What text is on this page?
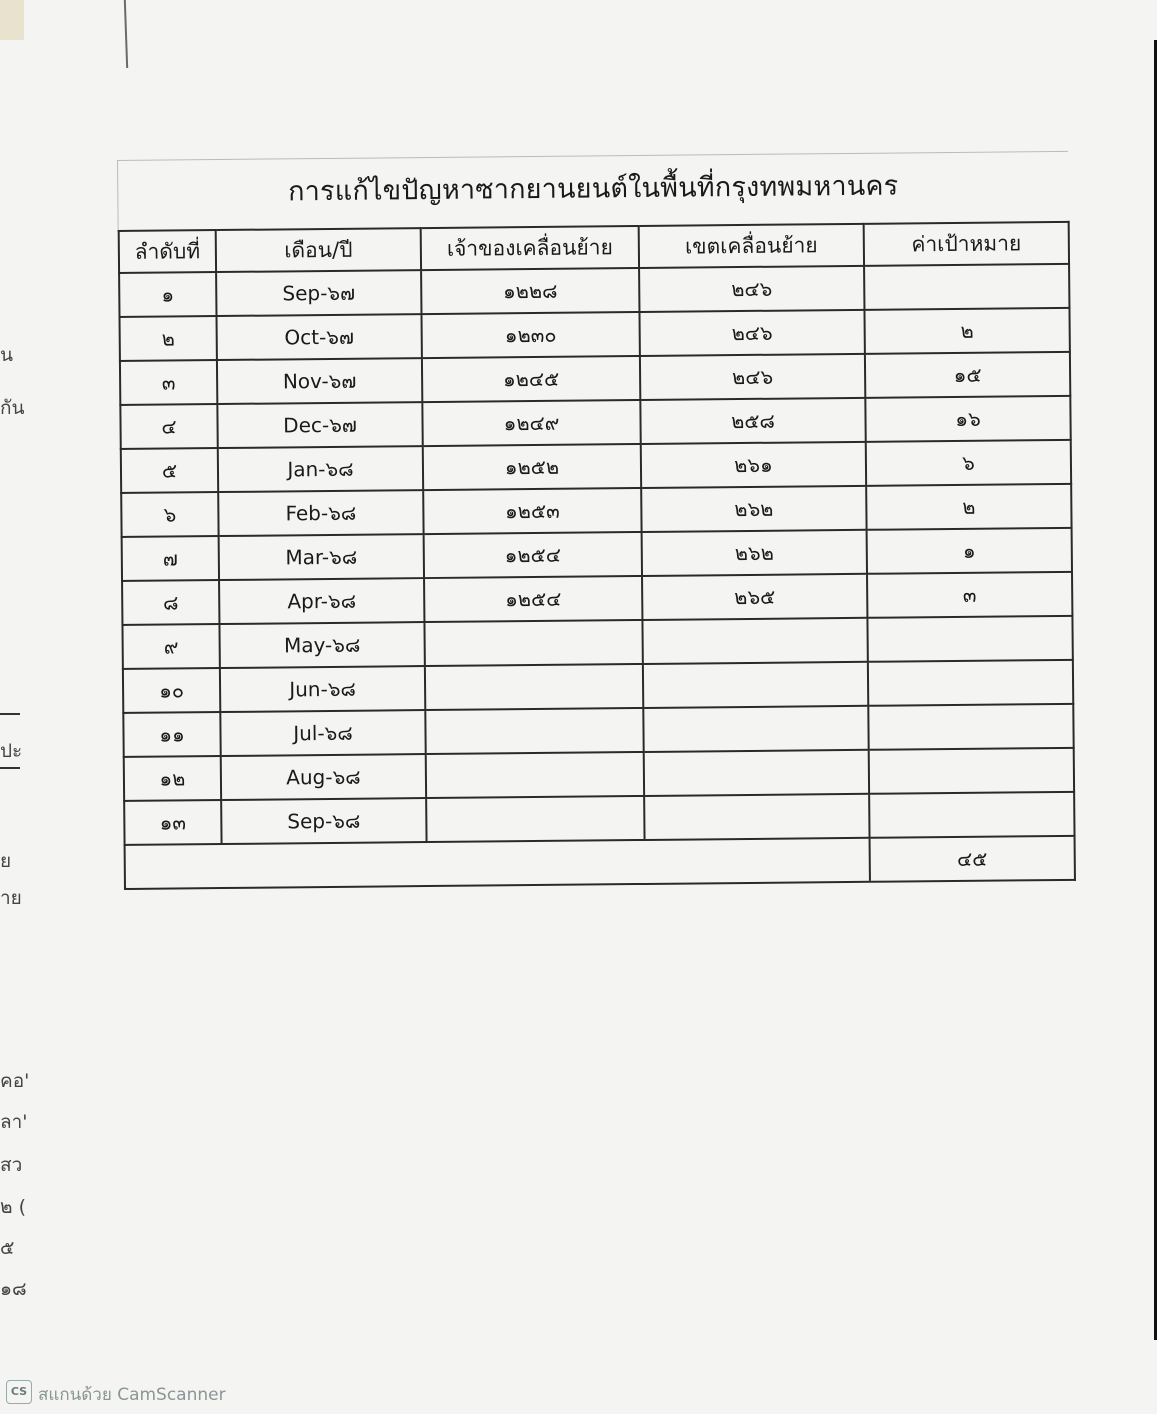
น
กัน
ปะ
ย
าย
คอ'
ลา'
สว
๒ (
๕
๑๘
การแก้ไขปัญหาซากยานยนต์ในพื้นที่กรุงทพมหานคร
ลำดับที่	เดือน/ปี	เจ้าของเคลื่อนย้าย	เขตเคลื่อนย้าย	ค่าเป้าหมาย
๑	Sep-๖๗	๑๒๒๘	๒๔๖	
๒	Oct-๖๗	๑๒๓๐	๒๔๖	๒
๓	Nov-๖๗	๑๒๔๕	๒๔๖	๑๕
๔	Dec-๖๗	๑๒๔๙	๒๕๘	๑๖
๕	Jan-๖๘	๑๒๕๒	๒๖๑	๖
๖	Feb-๖๘	๑๒๕๓	๒๖๒	๒
๗	Mar-๖๘	๑๒๕๔	๒๖๒	๑
๘	Apr-๖๘	๑๒๕๔	๒๖๕	๓
๙	May-๖๘			
๑๐	Jun-๖๘			
๑๑	Jul-๖๘			
๑๒	Aug-๖๘			
๑๓	Sep-๖๘			
				๔๕
CS สแกนด้วย CamScanner
